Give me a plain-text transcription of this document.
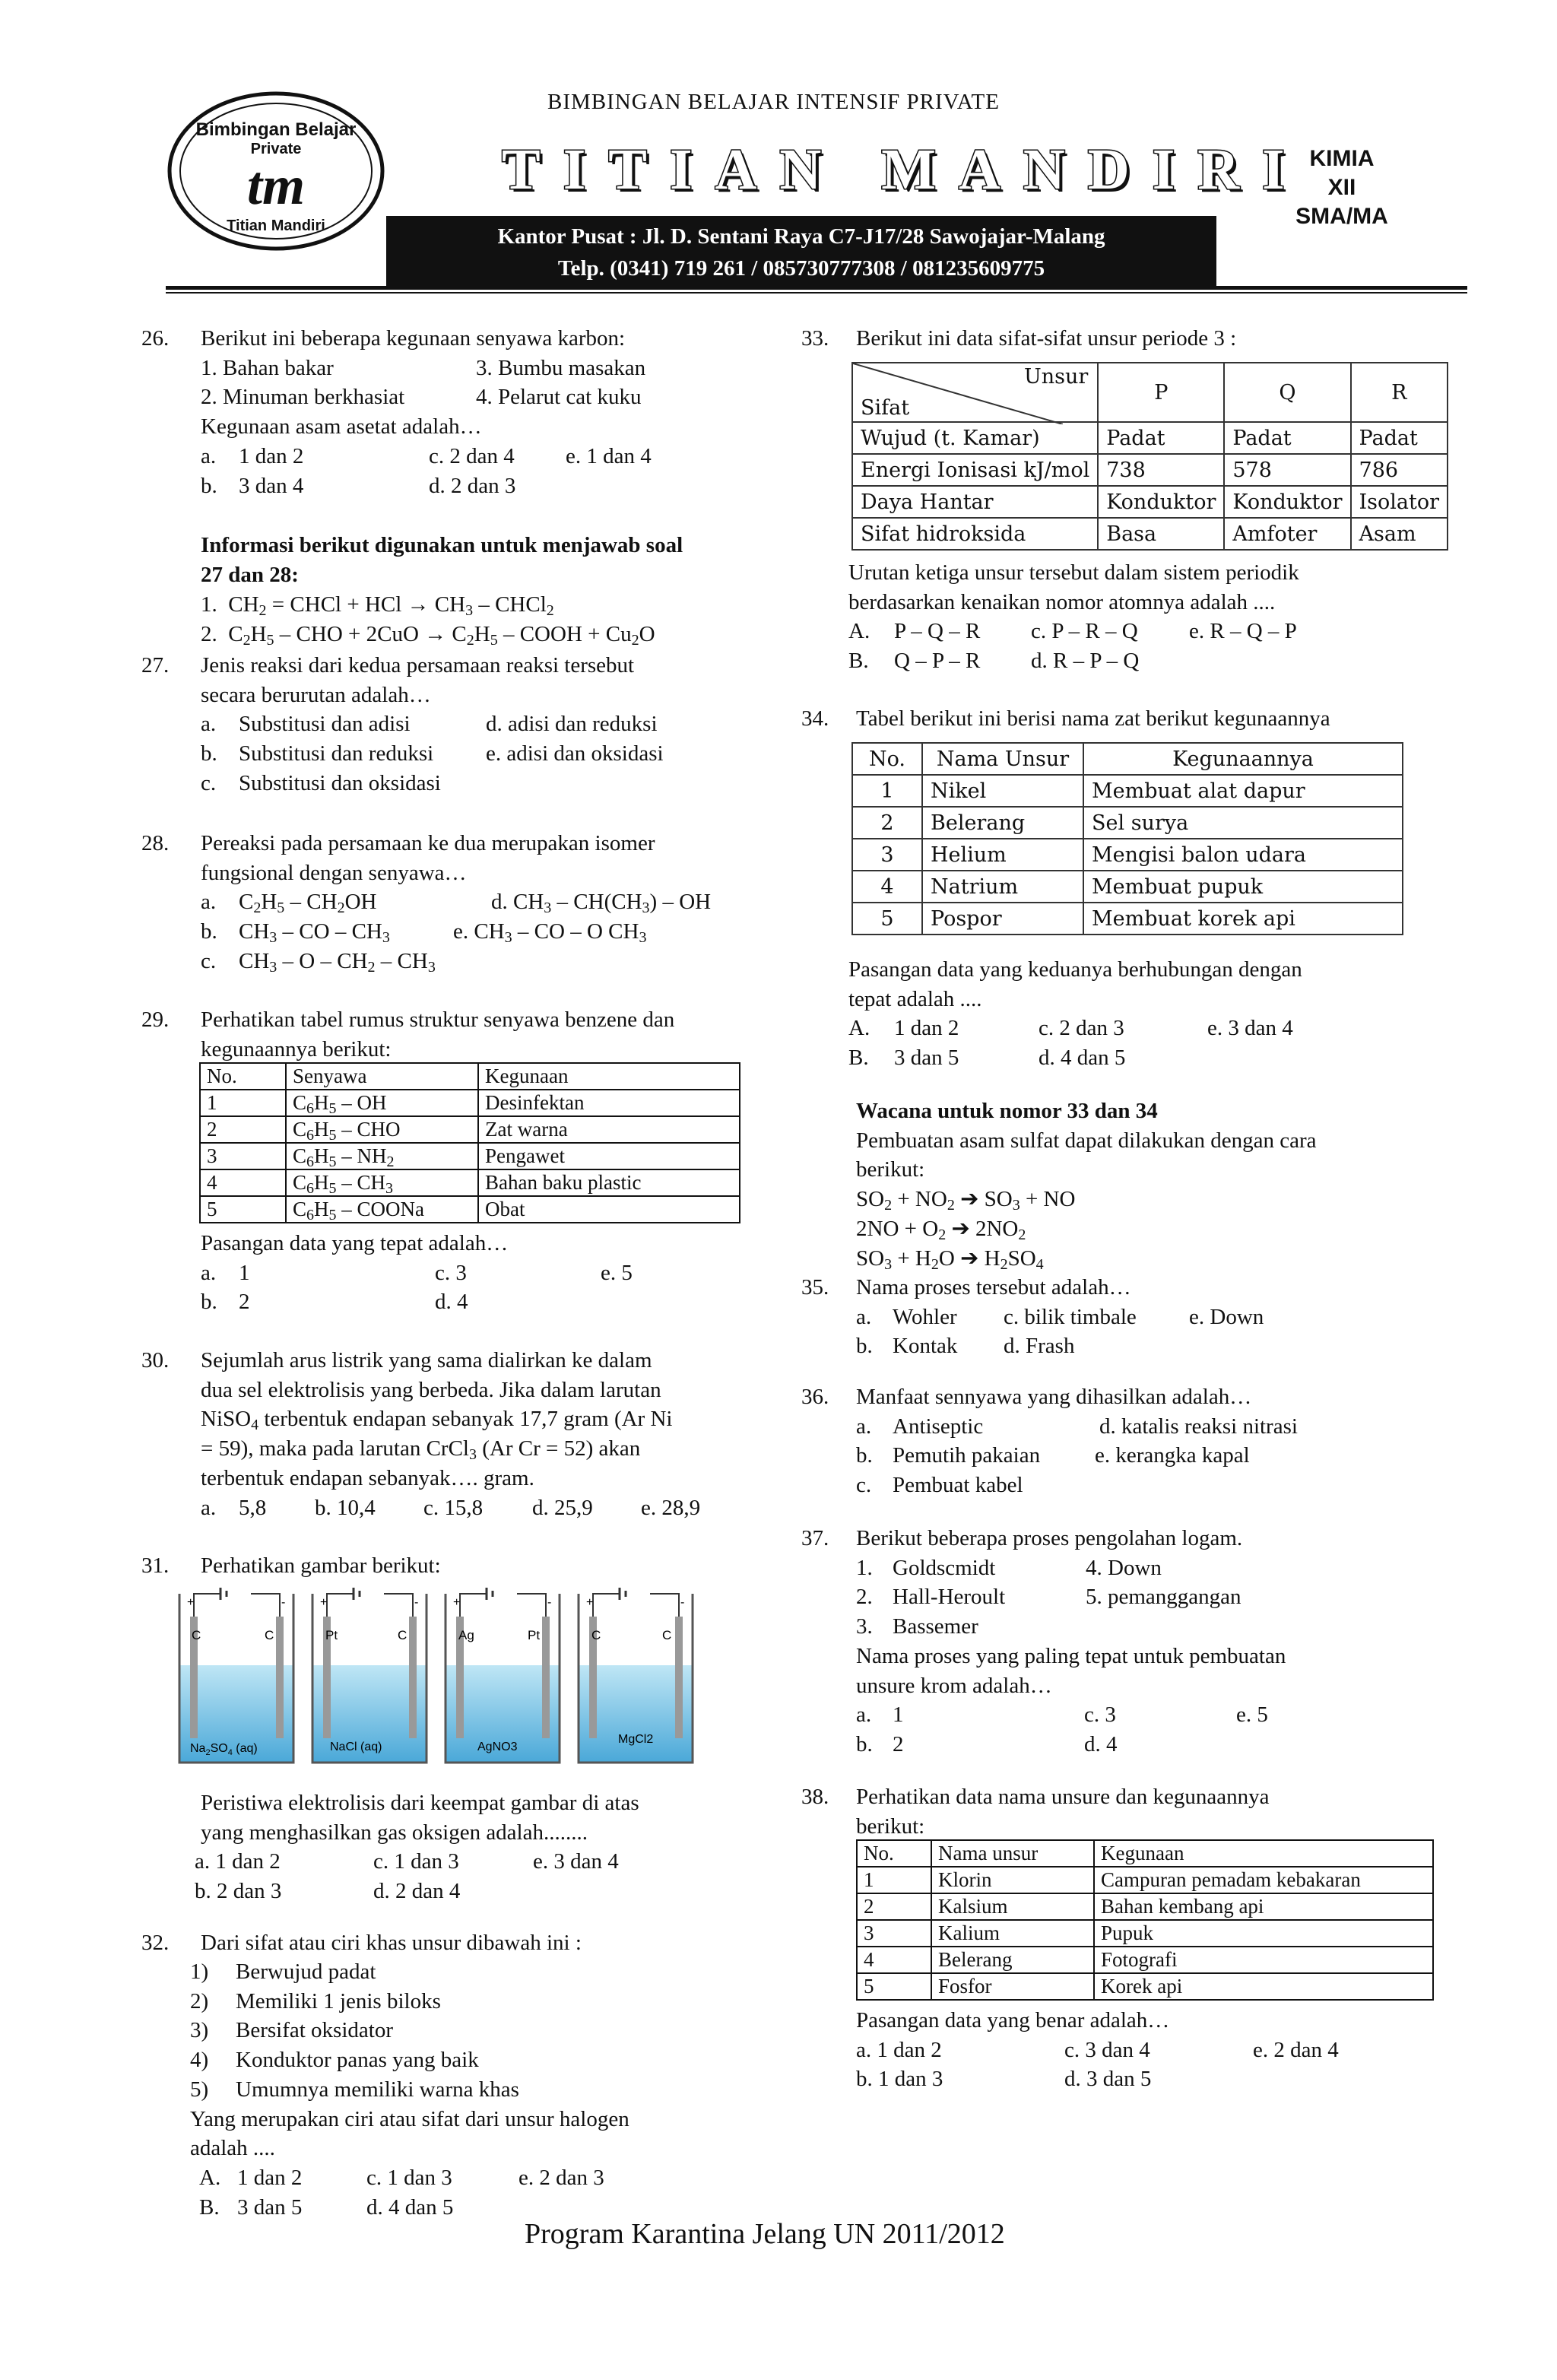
Bimbingan Belajar
Private
tm
Titian Mandiri
BIMBINGAN BELAJAR INTENSIF PRIVATE
TITIAN MANDIRI
Kantor Pusat : Jl. D. Sentani Raya C7-J17/28 Sawojajar-Malang
Telp. (0341) 719 261 / 085730777308 / 081235609775
KIMIA
XII
SMA/MA
26. Berikut ini beberapa kegunaan senyawa karbon:
1. Bahan bakar	3. Bumbu masakan
2. Minuman berkhasiat	4. Pelarut cat kuku
Kegunaan asam asetat adalah…
a.	1 dan 2	c. 2 dan 4	e. 1 dan 4
b. 3 dan 4	d. 2 dan 3
Informasi berikut digunakan untuk menjawab soal
27 dan 28:
1.  $CH_2$ = CHCl + HCl → $CH_3$ – CHCl$_2$
2.  $C_2H_5$ – CHO + $2CuO \to C_2H_5$ – COOH + $Cu_2O$
27. Jenis reaksi dari kedua persamaan reaksi tersebut
secara berurutan adalah…
a.	Substitusi dan adisi	d. adisi dan reduksi
b. Substitusi dan reduksi	e. adisi dan oksidasi
c.	Substitusi dan oksidasi
28. Pereaksi pada persamaan ke dua merupakan isomer
fungsional dengan senyawa…
a.	$C_2H_5 - CH_2OH$	d. $CH_3 - CH(CH_3)$ – OH
b. $CH_3$ – CO – $CH_3$	e. $CH_3$ – CO – O $CH_3$
c.	$CH_3$ – O – $CH_2 - CH_3$
29. Perhatikan tabel rumus struktur senyawa benzene dan
kegunaannya berikut:
No.	Senyawa	Kegunaan
1	$C_6H_5$ – OH	Desinfektan
2	$C_6H_5$ – CHO	Zat warna
3	$C_6H_5 - NH_2$	Pengawet
4	$C_6H_5 - CH_3$	Bahan baku plastic
5	$C_6H_5$ – COONa	Obat
Pasangan data yang tepat adalah…
a.	1	c. 3	e. 5
b. 2	d. 4
30. Sejumlah arus listrik yang sama dialirkan ke dalam
dua sel elektrolisis yang berbeda. Jika dalam larutan
NiSO$_4$ terbentuk endapan sebanyak 17,7 gram (Ar Ni
= 59), maka pada larutan CrCl$_3$ (Ar Cr = 52) akan
terbentuk endapan sebanyak…. gram.
a.	5,8	b. 10,4	c. 15,8	d. 25,9	e. 28,9
31. Perhatikan gambar berikut:
+	-
C	C
$Na_2SO_4$ (aq)
+	-
Pt	C
NaCl (aq)
+	-
Ag	Pt
AgNO3
+	-
C	C
MgCl2
Peristiwa elektrolisis dari keempat gambar di atas
yang menghasilkan gas oksigen adalah........
a. 1 dan 2	c. 1 dan 3	e. 3 dan 4
b. 2 dan 3	d. 2 dan 4
32. Dari sifat atau ciri khas unsur dibawah ini :
1)	Berwujud padat
2)	Memiliki 1 jenis biloks
3)	Bersifat oksidator
4)	Konduktor panas yang baik
5)	Umumnya memiliki warna khas
Yang merupakan ciri atau sifat dari unsur halogen
adalah ....
A. 1 dan 2	c. 1 dan 3	e. 2 dan 3
B. 3 dan 5	d. 4 dan 5
33. Berikut ini data sifat-sifat unsur periode 3 :
Unsur
Sifat	P	Q	R
Wujud (t. Kamar)	Padat	Padat	Padat
Energi Ionisasi kJ/mol	738	578	786
Daya Hantar	Konduktor	Konduktor	Isolator
Sifat hidroksida	Basa	Amfoter	Asam
Urutan ketiga unsur tersebut dalam sistem periodik
berdasarkan kenaikan nomor atomnya adalah ....
A.	P – Q – R	c. P – R – Q	e. R – Q – P
B.	Q – P – R	d. R – P – Q
34. Tabel berikut ini berisi nama zat berikut kegunaannya
No.	Nama Unsur	Kegunaannya
1	Nikel	Membuat alat dapur
2	Belerang	Sel surya
3	Helium	Mengisi balon udara
4	Natrium	Membuat pupuk
5	Pospor	Membuat korek api
Pasangan data yang keduanya berhubungan dengan
tepat adalah ....
A.	1 dan 2	c. 2 dan 3	e. 3 dan 4
B.	3 dan 5	d. 4 dan 5
Wacana untuk nomor 33 dan 34
Pembuatan asam sulfat dapat dilakukan dengan cara
berikut:
$SO_2 + NO_2$ ➔ $SO_3$ + NO
$2NO + O_2$ ➔ $2NO_2$
$SO_3 + H_2O$ ➔ $H_2SO_4$
35. Nama proses tersebut adalah…
a. Wohler	c. bilik timbale	e. Down
b. Kontak	d. Frash
36. Manfaat sennyawa yang dihasilkan adalah…
a. Antiseptic	d. katalis reaksi nitrasi
b. Pemutih pakaian	e. kerangka kapal
c. Pembuat kabel
37. Berikut beberapa proses pengolahan logam.
1. Goldscmidt	4. Down
2. Hall-Heroult	5. pemanggangan
3. Bassemer
Nama proses yang paling tepat untuk pembuatan
unsure krom adalah…
a. 1	c. 3	e. 5
b. 2	d. 4
38. Perhatikan data nama unsure dan kegunaannya
berikut:
No.	Nama unsur	Kegunaan
1	Klorin	Campuran pemadam kebakaran
2	Kalsium	Bahan kembang api
3	Kalium	Pupuk
4	Belerang	Fotografi
5	Fosfor	Korek api
Pasangan data yang benar adalah…
a. 1 dan 2	c. 3 dan 4	e. 2 dan 4
b. 1 dan 3	d. 3 dan 5
Program Karantina Jelang UN 2011/2012
